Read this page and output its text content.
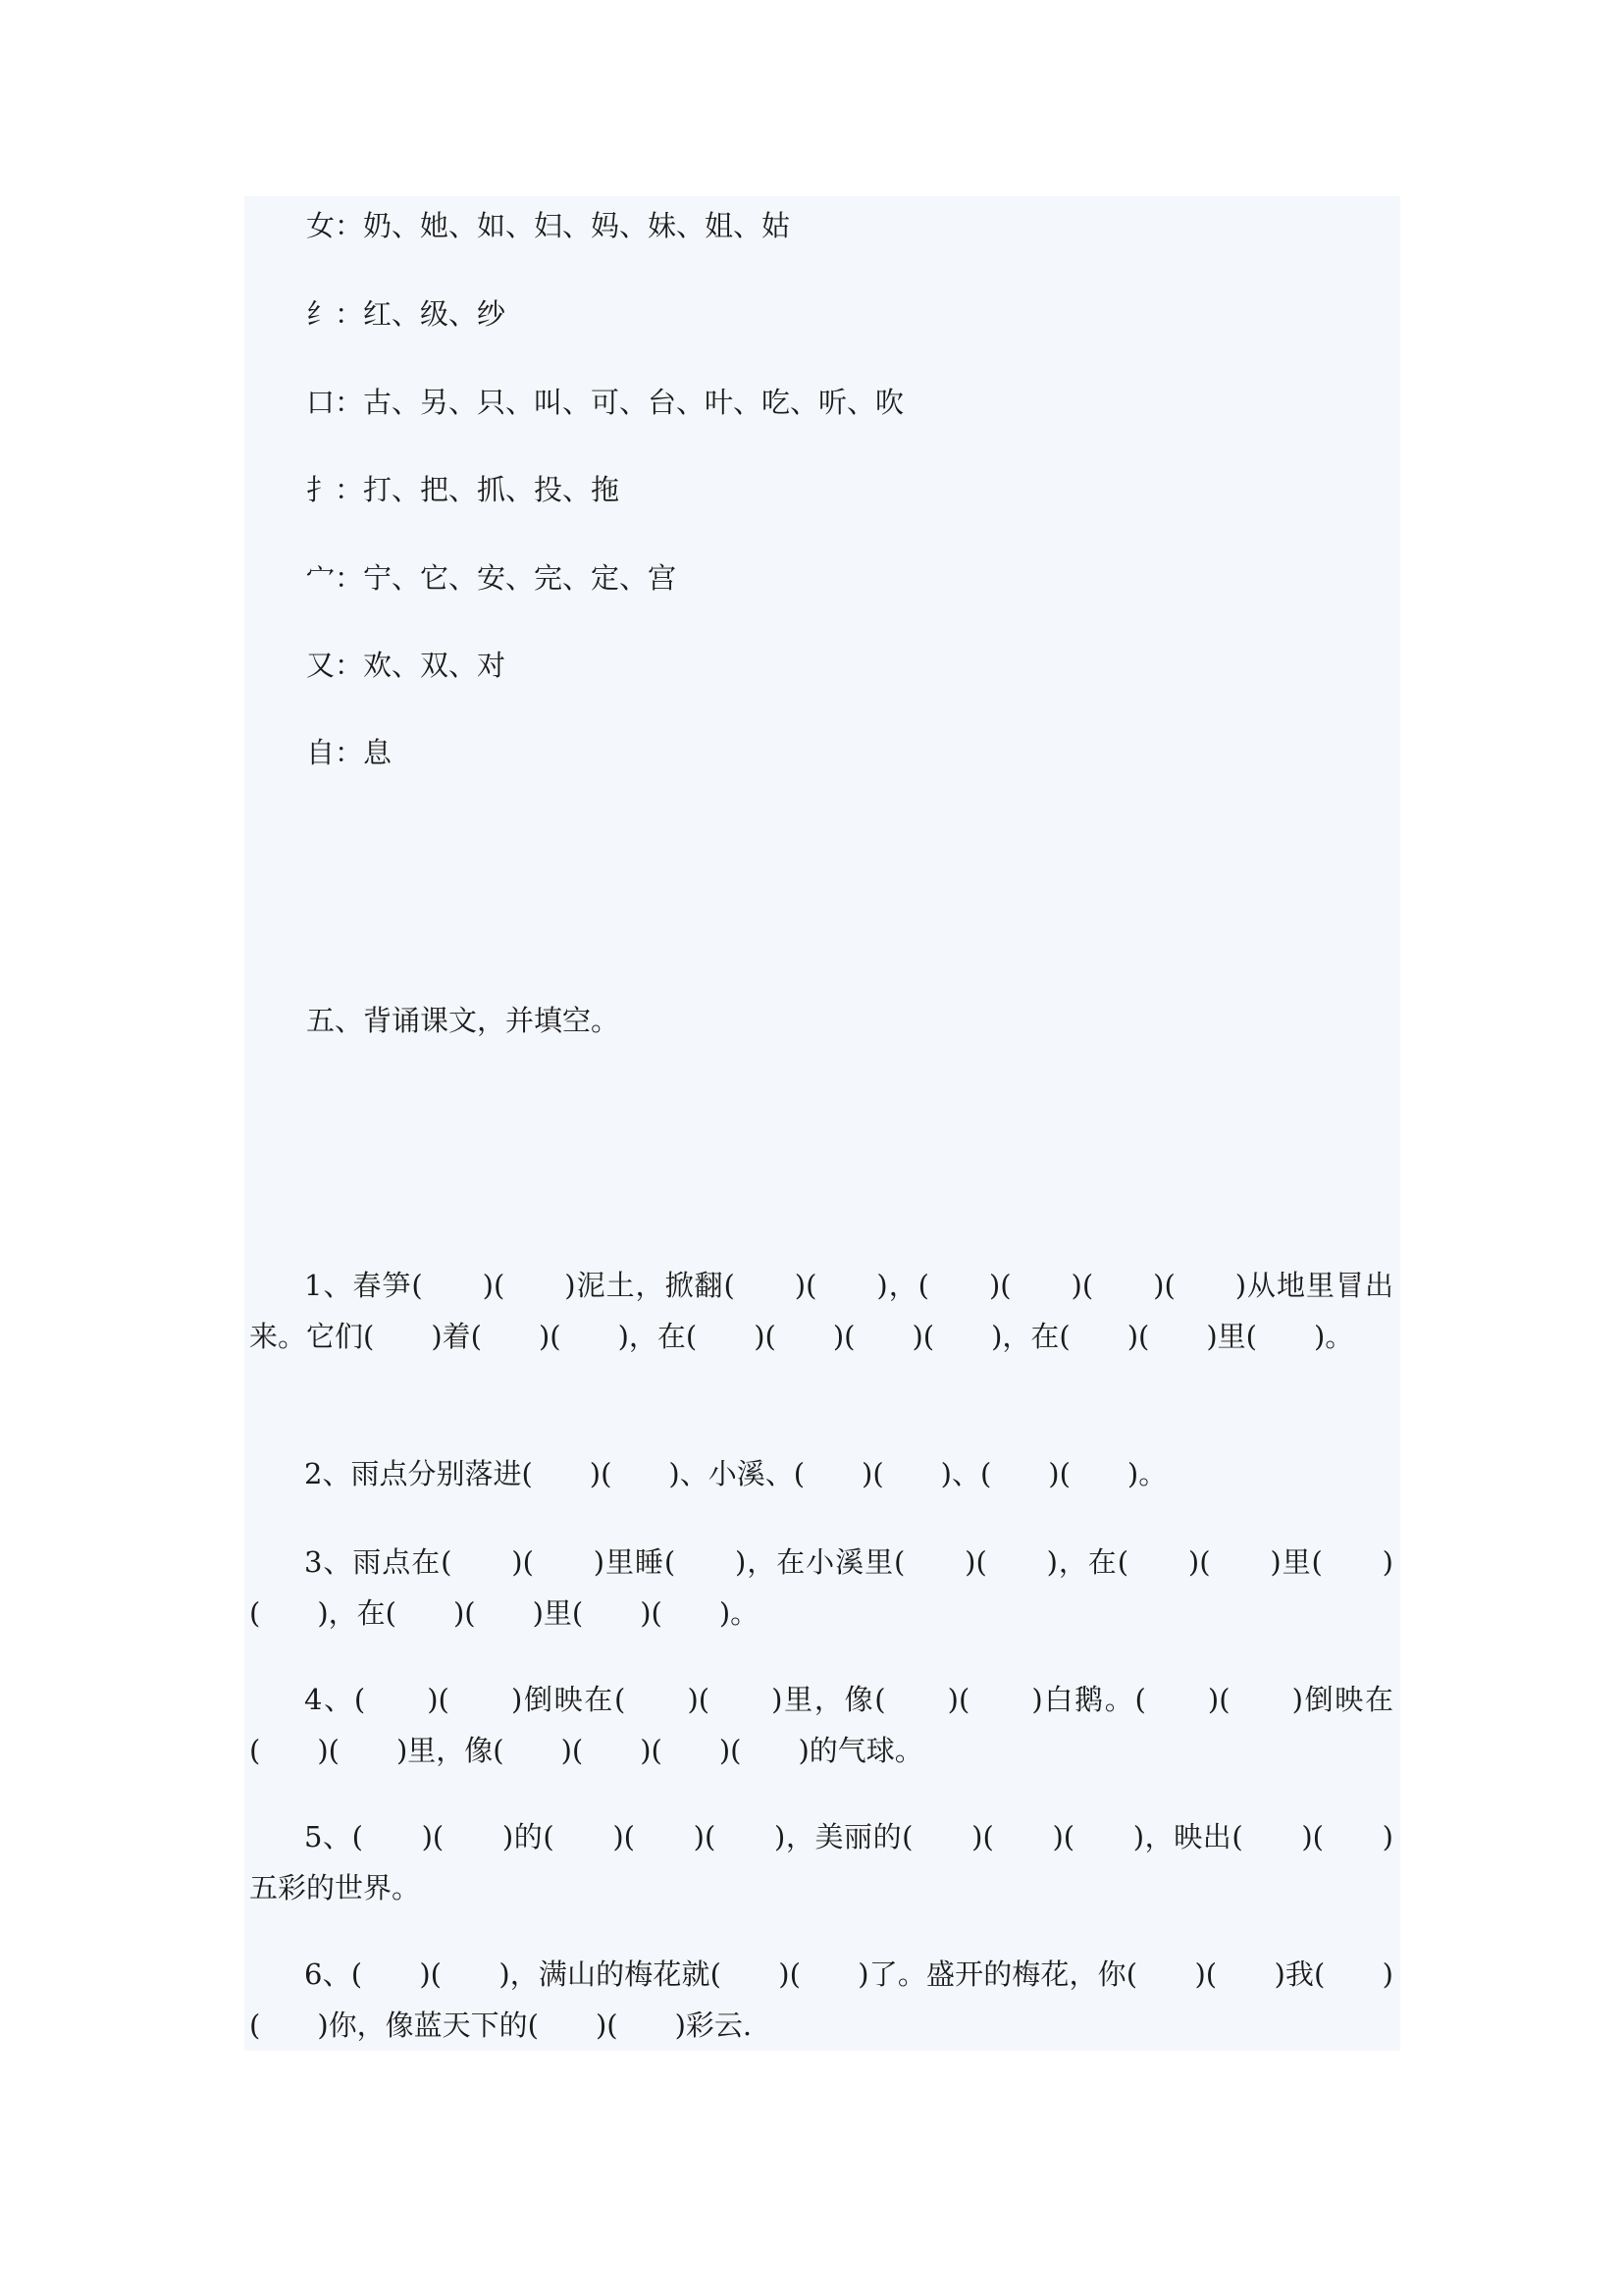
女：奶、她、如、妇、妈、妹、姐、姑
纟：红、级、纱
口：古、另、只、叫、可、台、叶、吃、听、吹
扌：打、把、抓、投、拖
宀：宁、它、安、完、定、宫
又：欢、双、对
自：息
五、背诵课文，并填空。
1、春笋(　　)(　　)泥土，掀翻(　　)(　　)，(　　)(　　)(　　)(　　)从地里冒出来。它们(　　)着(　　)(　　)，在(　　)(　　)(　　)(　　)，在(　　)(　　)里(　　)。
2、雨点分别落进(　　)(　　)、小溪、(　　)(　　)、(　　)(　　)。
3、雨点在(　　)(　　)里睡(　　)，在小溪里(　　)(　　)，在(　　)(　　)里(　　)(　　)，在(　　)(　　)里(　　)(　　)。
4、(　　)(　　)倒映在(　　)(　　)里，像(　　)(　　)白鹅。(　　)(　　)倒映在(　　)(　　)里，像(　　)(　　)(　　)(　　)的气球。
5、(　　)(　　)的(　　)(　　)(　　)，美丽的(　　)(　　)(　　)，映出(　　)(　　)五彩的世界。
6、(　　)(　　)，满山的梅花就(　　)(　　)了。盛开的梅花，你(　　)(　　)我(　　)(　　)你，像蓝天下的(　　)(　　)彩云.
